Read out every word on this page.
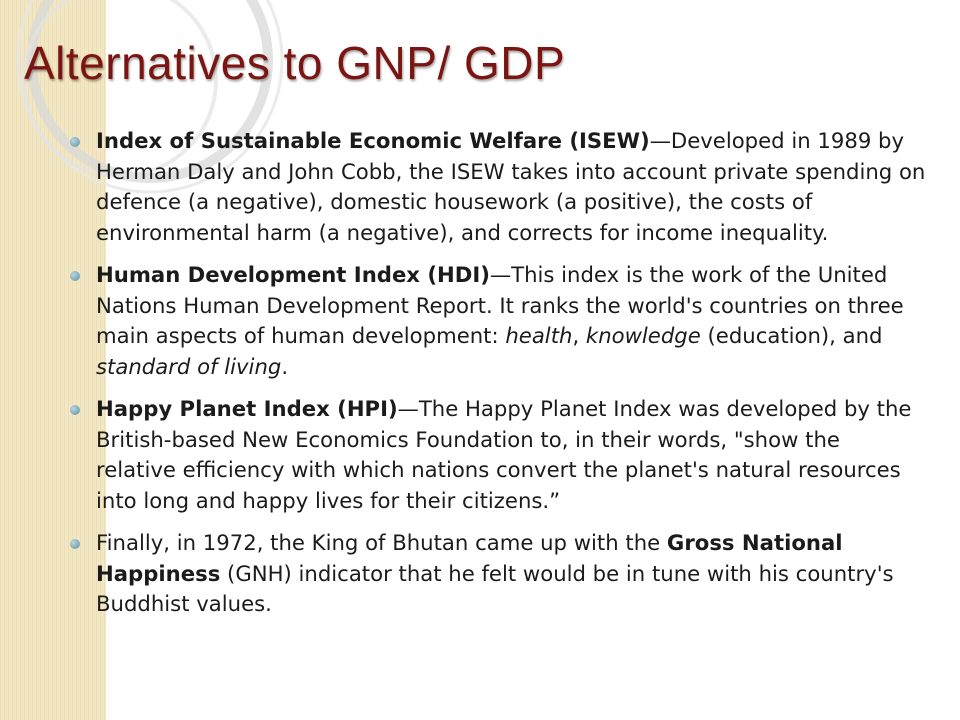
Alternatives to GNP/ GDP
Index of Sustainable Economic Welfare (ISEW)—Developed in 1989 by Herman Daly and John Cobb, the ISEW takes into account private spending on defence (a negative), domestic housework (a positive), the costs of environmental harm (a negative), and corrects for income inequality.
Human Development Index (HDI)—This index is the work of the United Nations Human Development Report. It ranks the world's countries on three main aspects of human development: health, knowledge (education), and standard of living.
Happy Planet Index (HPI)—The Happy Planet Index was developed by the British-based New Economics Foundation to, in their words, "show the relative efficiency with which nations convert the planet's natural resources into long and happy lives for their citizens.”
Finally, in 1972, the King of Bhutan came up with the Gross National Happiness (GNH) indicator that he felt would be in tune with his country's Buddhist values.
